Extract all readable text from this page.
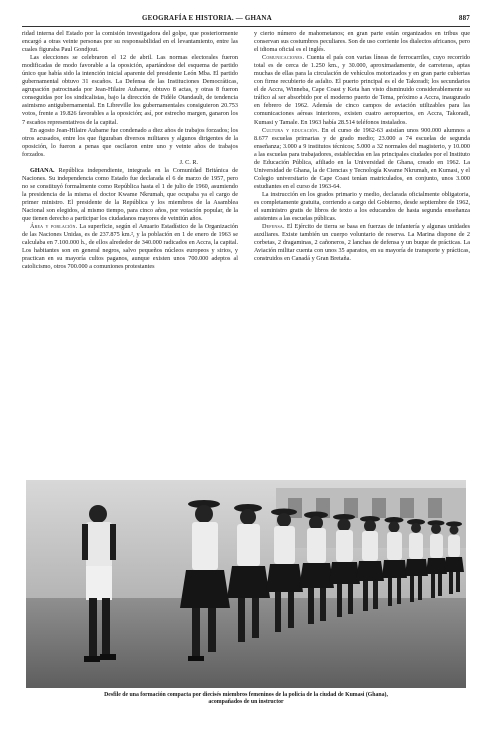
GEOGRAFÍA E HISTORIA. — GHANA	887

ridad interna del Estado por la comisión investigadora del golpe, que posteriormente encargó a otras veinte personas por su responsabilidad en el levantamiento, entre las cuales figuraba Paul Gondjout.

Las elecciones se celebraron el 12 de abril. Las normas electorales fueron modificadas de modo favorable a la oposición, apartándose del esquema de partido único que había sido la intención inicial aparente del presidente León Mba. El partido gubernamental obtuvo 31 escaños. La Defensa de las Instituciones Democráticas, agrupación patrocinada por Jean-Hilaire Aubame, obtuvo 8 actas, y otras 8 fueron conseguidas por los sindicalistas, bajo la dirección de Fidèle Otandault, de tendencia asimismo antigubernamental. En Libreville los gubernamentales consiguieron 20.753 votos, frente a 19.826 favorables a la oposición; así, por estrecho margen, ganaron los 7 escaños representativos de la capital.

En agosto Jean-Hilaire Aubame fue condenado a diez años de trabajos forzados; los otros acusados, entre los que figuraban diversos militares y algunos dirigentes de la oposición, lo fueron a penas que oscilaron entre uno y veinte años de trabajos forzados.

J. C. R.

GHANA. República independiente, integrada en la Comunidad Británica de Naciones. Su independencia como Estado fue declarada el 6 de marzo de 1957, pero no se constituyó formalmente como República hasta el 1 de julio de 1960, asumiendo la presidencia de la misma el doctor Kwame Nkrumah, que ocupaba ya el cargo de primer ministro. El presidente de la República y los miembros de la Asamblea Nacional son elegidos, al mismo tiempo, para cinco años, por votación popular, de la que tienen derecho a participar los ciudadanos mayores de veintiún años.

Área y población. La superficie, según el Anuario Estadístico de la Organización de las Naciones Unidas, es de 237.875 km.², y la población en 1 de enero de 1963 se calculaba en 7.100.000 h., de ellos alrededor de 340.000 radicados en Accra, la capital. Los habitantes son en general negros, salvo pequeños núcleos europeos y sirios, y practican en su mayoría cultos paganos, aunque existen unos 700.000 adeptos al catolicismo, otros 700.000 a comuniones protestantes

y cierto número de mahometanos; en gran parte están organizados en tribus que conservan sus costumbres peculiares. Son de uso corriente los dialectos africanos, pero el idioma oficial es el inglés.

Comunicaciones. Cuenta el país con varias líneas de ferrocarriles, cuyo recorrido total es de cerca de 1.250 km., y 30.000, aproximadamente, de carreteras, aptas muchas de ellas para la circulación de vehículos motorizados y en gran parte cubiertas con firme recubierto de asfalto. El puerto principal es el de Takoradi; los secundarios el de Accra, Winneba, Cape Coast y Keta han visto disminuido considerablemente su tráfico al ser absorbido por el moderno puerto de Tema, próximo a Accra, inaugurado en febrero de 1962. Además de cinco campos de aviación utilizables para las comunicaciones aéreas interiores, existen cuatro aeropuertos, en Accra, Takoradi, Kumasi y Tamale. En 1963 había 28.514 teléfonos instalados.

Cultura y educación. En el curso de 1962-63 asistían unos 900.000 alumnos a 8.677 escuelas primarias y de grado medio; 23.000 a 74 escuelas de segunda enseñanza; 3.000 a 9 institutos técnicos; 5.000 a 32 normales del magisterio, y 10.000 a las escuelas para trabajadores, establecidas en las principales ciudades por el Instituto de Educación Pública, afiliado en la Universidad de Ghana, creado en 1962. La Universidad de Ghana, la de Ciencias y Tecnología Kwame Nkrumah, en Kumasi, y el Colegio universitario de Cape Coast tenían matriculados, en conjunto, unos 3.000 estudiantes en el curso de 1963-64.

La instrucción en los grados primario y medio, declarada oficialmente obligatoria, es completamente gratuita, corriendo a cargo del Gobierno, desde septiembre de 1962, el suministro gratis de libros de texto a los educandos de hasta segunda enseñanza asistentes a las escuelas públicas.

Defensa. El Ejército de tierra se basa en fuerzas de infantería y algunas unidades auxiliares. Existe también un cuerpo voluntario de reserva. La Marina dispone de 2 corbetas, 2 dragaminas, 2 cañoneros, 2 lanchas de defensa y un buque de prácticas. La Aviación militar cuenta con unos 35 aparatos, en su mayoría de transporte y prácticas, construidos en Canadá y Gran Bretaña.

Desfile de una formación compacta por diecisés miembros femeninos de la policía de la ciudad de Kumasi (Ghana),
acompañados de un instructor
